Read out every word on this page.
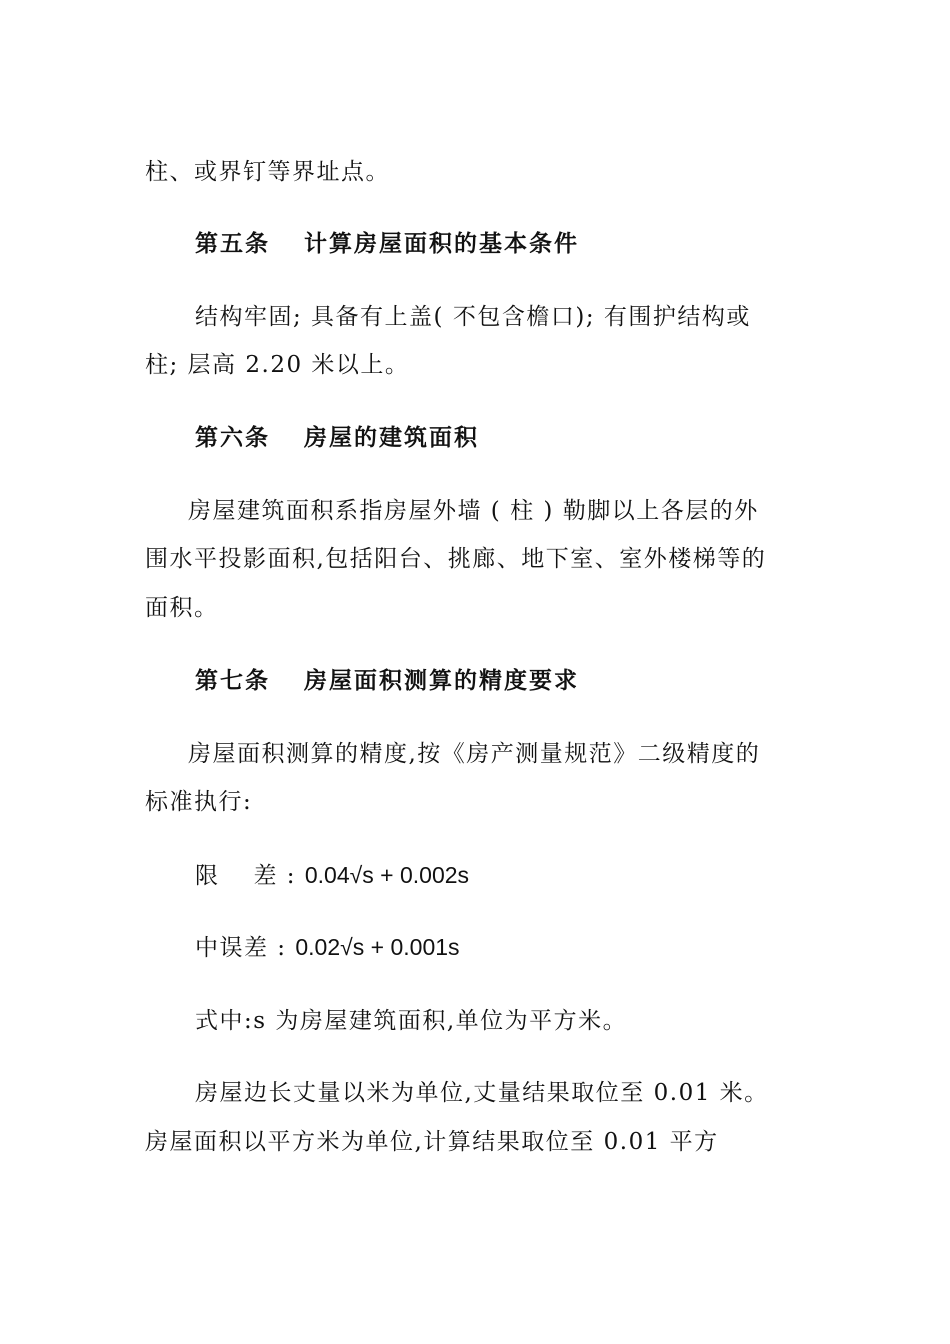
柱、或界钉等界址点。
第五条 计算房屋面积的基本条件
结构牢固; 具备有上盖( 不包含檐口); 有围护结构或
柱; 层高 2.20 米以上。
第六条 房屋的建筑面积
房屋建筑面积系指房屋外墙 ( 柱 ) 勒脚以上各层的外
围水平投影面积,包括阳台、挑廊、地下室、室外楼梯等的
面积。
第七条 房屋面积测算的精度要求
房屋面积测算的精度,按《房产测量规范》二级精度的
标准执行:
限 差 : 0.04√s + 0.002s
中误差 : 0.02√s + 0.001s
式中:s 为房屋建筑面积,单位为平方米。
房屋边长丈量以米为单位,丈量结果取位至 0.01 米。
房屋面积以平方米为单位,计算结果取位至 0.01 平方
